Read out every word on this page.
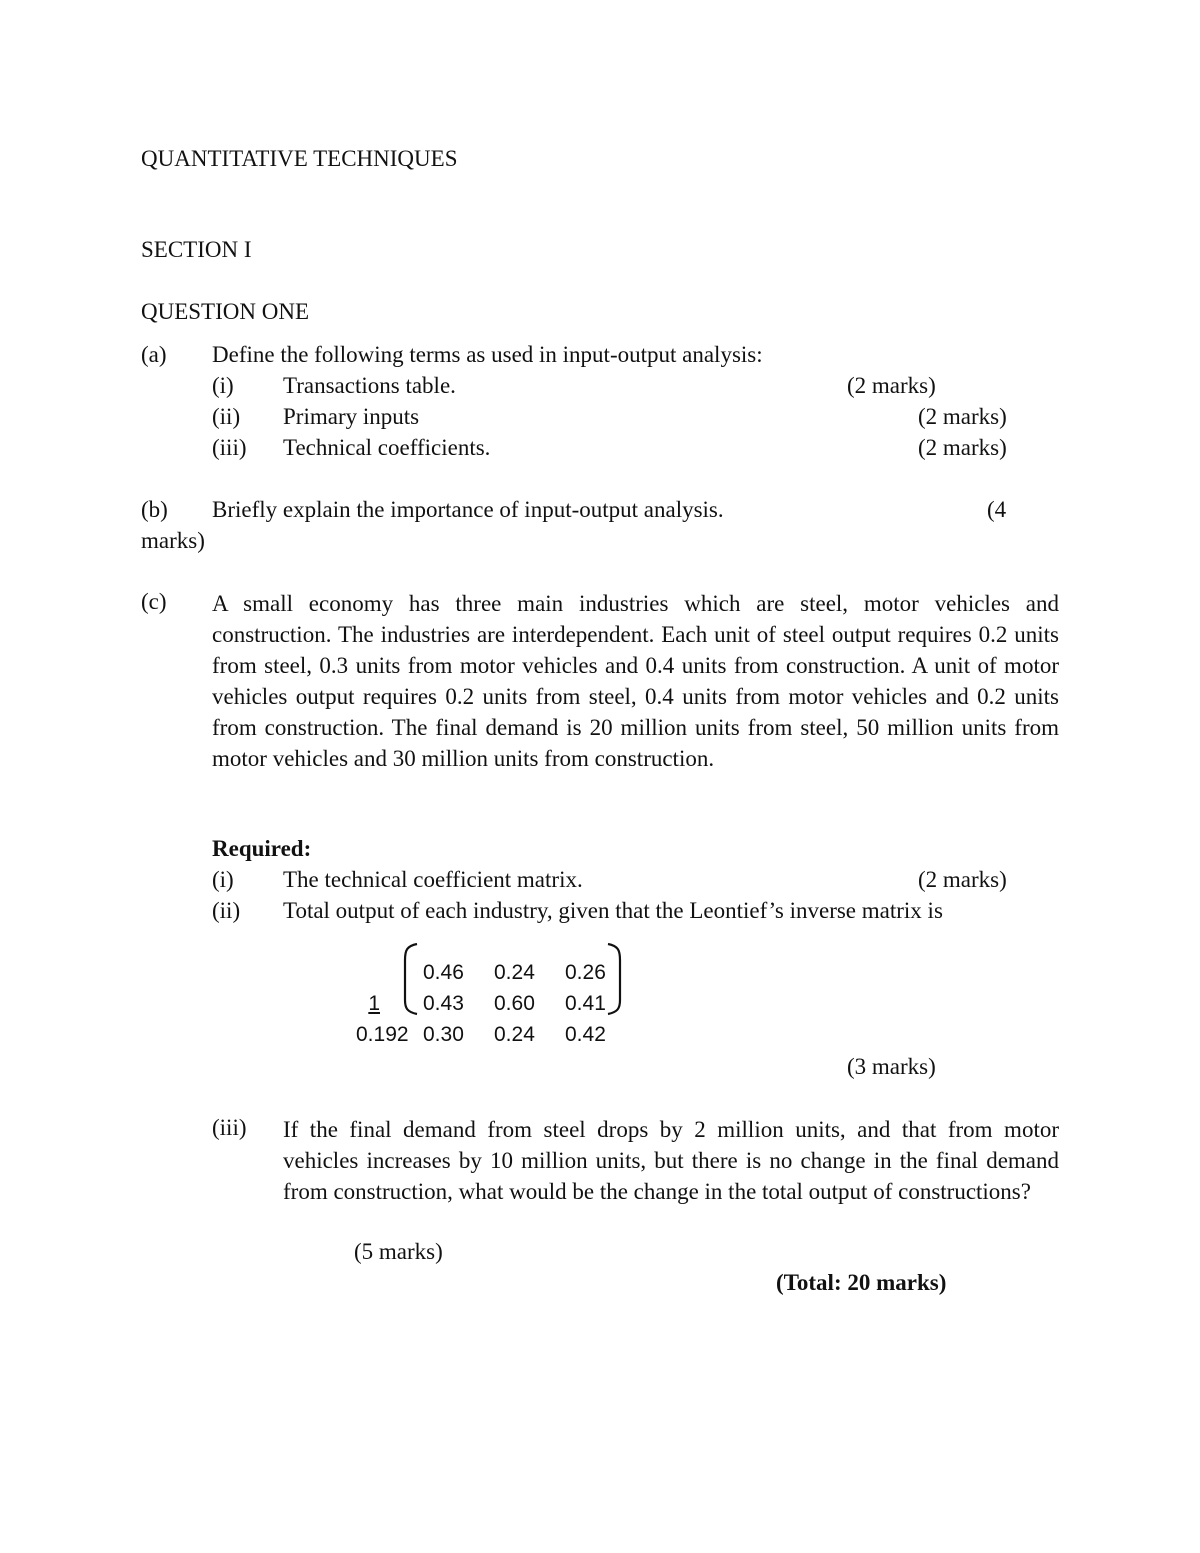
QUANTITATIVE TECHNIQUES
SECTION I
QUESTION ONE
(a) Define the following terms as used in input-output analysis:
(i) Transactions table.	(2 marks)
(ii) Primary inputs	(2 marks)
(iii) Technical coefficients.	(2 marks)
(b) Briefly explain the importance of input-output analysis.	(4
marks)
(c) A small economy has three main industries which are steel, motor vehicles and construction. The industries are interdependent. Each unit of steel output requires 0.2 units from steel, 0.3 units from motor vehicles and 0.4 units from construction. A unit of motor vehicles output requires 0.2 units from steel, 0.4 units from motor vehicles and 0.2 units from construction. The final demand is 20 million units from steel, 50 million units from motor vehicles and 30 million units from construction.
Required:
(i) The technical coefficient matrix.	(2 marks)
(ii) Total output of each industry, given that the Leontief’s inverse matrix is
0.46 0.24 0.26
1 0.43 0.60 0.41
0.192 0.30 0.24 0.42
(3 marks)
(iii) If the final demand from steel drops by 2 million units, and that from motor vehicles increases by 10 million units, but there is no change in the final demand from construction, what would be the change in the total output of constructions?
(5 marks)
(Total: 20 marks)
